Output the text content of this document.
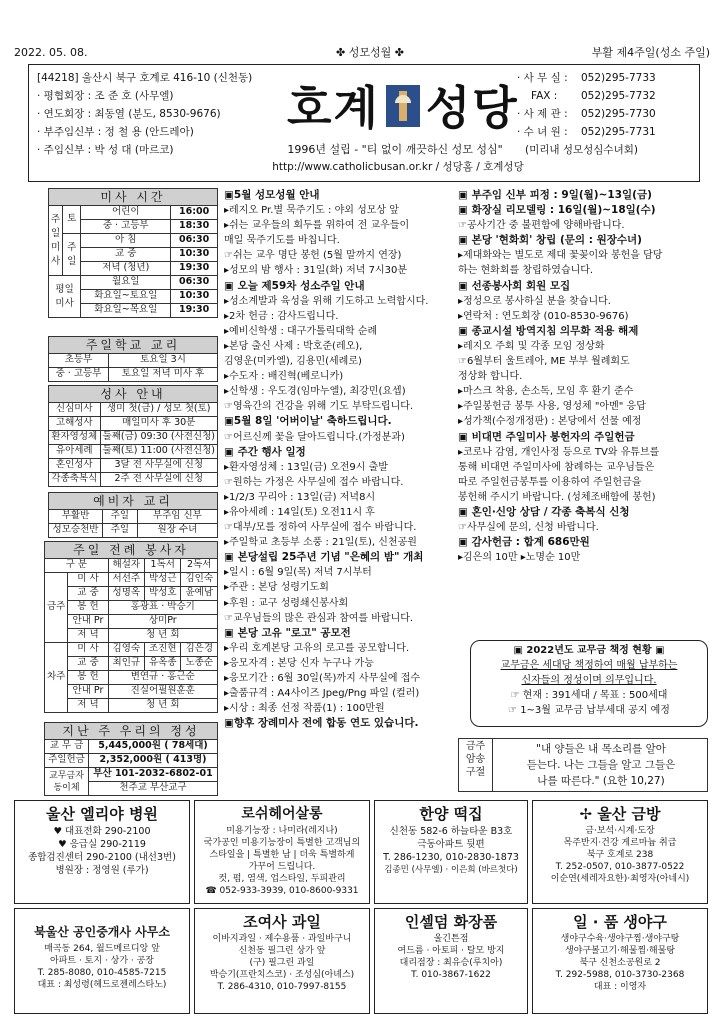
2022. 05. 08.	✤ 성모성월 ✤	부활 제4주일(성소 주일)
[44218] 울산시 북구 호계로 416-10 (신천동)
· 평협회장 : 조 준 호 (사무엘)
· 연도회장 : 최동열 (분도, 8530-9676)
· 부주임신부 : 정 철 용 (안드레아)
· 주임신부 : 박 성 대 (마르코)
호계 성당
1996년 설립 - "티 없이 깨끗하신 성모 성심"
http://www.catholicbusan.or.kr / 성당홈 / 호계성당
· 사 무 실 : 052)295-7733
FAX : 052)295-7732
· 사 제 관 : 052)295-7730
· 수 녀 원 : 052)295-7731
(미리내 성모성심수녀회)
미사 시간
주
일
미
사	토	어린이	16:00
		중 · 고등부	18:30
	주
일	아 침	06:30
		교 중	10:30
		저녁 (청년)	19:30
평일
미사		월요일	06:30
		화요일~토요일	10:30
		화요일~목요일	19:30
주일학교 교리
초등부	토요일 3시
중 · 고등부	토요일 저녁 미사 후
성사 안내
신심미사	생미 첫(금) / 성모 첫(토)
고해성사	매일미사 후 30분
환자영성체	둘째(금) 09:30 (사전신청)
유아세례	둘째(토) 11:00 (사전신청)
혼인성사	3달 전 사무실에 신청
각종축복식	2주 전 사무실에 신청
예비자 교리
부활반	주일	부주임 신부
성모승천반	주일	원장 수녀
주일 전례 봉사자
구 분		해설자	1독서	2독서
금주	미 사	서선주	박성근	김인숙
	교 중	성명옥	박성호	윤예남
	봉 헌	홍광표 · 박승기		
	안내 Pr	상미Pr		
	저 녁	청 년 회		
차주	미 사	김영숙	조진현	김은경
	교 중	최인규	유옥종	노종순
	봉 헌	변연규 · 홍근순		
	안내 Pr	진실어필원훈훈		
	저 녁	청 년 회		
지난 주 우리의 정성
교 무 금	5,445,000원 ( 78세대)
주일헌금	2,352,000원 ( 413명)
교무금자동이체	부산 101-2032-6802-01
	천주교 부산교구
▣5월 성모성월 안내
▸레지오 Pr.별 묵주기도 : 야외 성모상 앞
▸쉬는 교우들의 회두를 위하여 전 교우들이
매일 묵주기도를 바칩니다.
☞쉬는 교우 명단 봉헌 (5월 말까지 연장)
▸성모의 밤 행사 : 31일(화) 저녁 7시30분
▣ 오늘 제59차 성소주일 안내
▸성소계발과 육성을 위해 기도하고 노력합시다.
▸2차 헌금 : 감사드립니다.
▸예비신학생 : 대구가톨릭대학 순례
▸본당 출신 사제 : 박호준(레오),
김영운(미카엘), 김용민(세례로)
▸수도자 : 배진혁(베로니카)
▸신학생 : 우도경(임마누엘), 최강민(요셉)
☞영육간의 건강을 위해 기도 부탁드립니다.
▣5월 8일 '어버이날' 축하드립니다.
☞어르신께 꽃을 달아드립니다.(가정분과)
▣ 주간 행사 일정
▸환자영성체 : 13일(금) 오전9시 출발
☞원하는 가정은 사무실에 접수 바랍니다.
▸1/2/3 꾸리아 : 13일(금) 저녁8시
▸유아세례 : 14일(토) 오전11시 후
☞대부/모를 정하여 사무실에 접수 바랍니다.
▸주일학교 초등부 소풍 : 21일(토), 신천공원
▣ 본당설립 25주년 기념 "은혜의 밤" 개최
▸일시 : 6월 9일(목) 저녁 7시부터
▸주관 : 본당 성령기도회
▸후원 : 교구 성령쇄신봉사회
☞교우님들의 많은 관심과 참여를 바랍니다.
▣ 본당 고유 "로고" 공모전
▸우리 호계본당 고유의 로고를 공모합니다.
▸응모자격 : 본당 신자 누구나 가능
▸응모기간 : 6월 30일(목)까지 사무실에 접수
▸출품규격 : A4사이즈 Jpeg/Png 파일 (컬러)
▸시상 : 최종 선정 작품(1) : 100만원
▣향후 장례미사 전에 합동 연도 있습니다.
▣ 부주임 신부 피정 : 9일(월)~13일(금)
▣ 화장실 리모델링 : 16일(월)~18일(수)
☞공사기간 중 불편함에 양해바랍니다.
▣ 본당 '현화회' 창립 (문의 : 원장수녀)
▸제대화와는 별도로 제대 꽃꽂이와 봉헌을 담당
하는 현화회를 창립하였습니다.
▣ 선종봉사회 회원 모집
▸정성으로 봉사하실 분을 찾습니다.
▸연락처 : 연도회장 (010-8530-9676)
▣ 종교시설 방역지침 의무화 적용 해제
▸레지오 주회 및 각종 모임 정상화
☞6월부터 울트레아, ME 부부 월례회도
정상화 합니다.
▸마스크 착용, 손소독, 모임 후 환기 준수
▸주일봉헌금 봉투 사용, 영성체 "아멘" 응답
▸성가책(수정개정판) : 본당에서 선물 예정
▣ 비대면 주일미사 봉헌자의 주일헌금
▸코로나 감염, 개인사정 등으로 TV와 유튜브를
통해 비대면 주일미사에 참례하는 교우님들은
따로 주일헌금봉투를 이용하여 주일헌금을
봉헌해 주시기 바랍니다. (성체조배함에 봉헌)
▣ 혼인·신앙 상담 / 각종 축복식 신청
☞사무실에 문의, 신청 바랍니다.
▣ 감사헌금 : 합계 686만원
▸김은의 10만 ▸노명순 10만
▣ 2022년도 교무금 책정 현황 ▣
교무금은 세대당 책정하여 매월 납부하는
신자들의 정성이며 의무입니다.
☞ 현재 : 391세대 / 목표 : 500세대
☞ 1~3월 교무금 납부세대 공지 예정
금주
암송
구절
"내 양들은 내 목소리를 알아
듣는다. 나는 그들을 알고 그들은
나를 따른다." (요한 10,27)
울산 엘리야 병원
♥ 대표전화 290-2100
♥ 응급실 290-2119
종합검진센터 290-2100 (내선3번)
병원장 : 정영원 (루가)
로쉬헤어살롱
미용기능장 : 나미라(레지나)
국가공인 미용기능장이 특별한 고객님의
스타일을 | 특별한 남 | 더욱 특별하게
가꾸어 드립니다.
컷, 펌, 염색, 업스타일, 두피관리
☎ 052-933-3939, 010-8600-9331
한양 떡집
신천동 582-6 하늘타운 B3호
극동아파트 뒷편
T. 286-1230, 010-2830-1873
김종민 (사무엘) · 이은희 (바르첫다)
✢ 울산 금방
금·보석·시계·도장
목주반지·건강 게르마늄 취급
북구 호계로 238
T. 252-0507, 010-3877-0522
이순연(세레자요한)·최영자(아네시)
북울산 공인중개사 사무소
매곡동 264, 월드메르디앙 앞
아파트 · 토지 · 상가 · 공장
T. 285-8080, 010-4585-7215
대표 : 최성령(헤드로젠레스타노)
조여사 과일
이바지과일 · 제수용품 · 과일바구니
신천동 필그린 상가 앞
(구) 필그린 과일
박승기(프란치스코) · 조성심(아녜스)
T. 286-4310, 010-7997-8155
인셀덤 화장품
울긴튼점
여드름 · 아토피 · 탈모 방지
대리점장 : 최유승(루치아)
T. 010-3867-1622
일 ⋅ 품 생야구
생야구수육·생야구찜·생야구탕
생야구볼고기·해물찜·해물탕
북구 신천소공원로 2
T. 292-5988, 010-3730-2368
대표 : 이영자
